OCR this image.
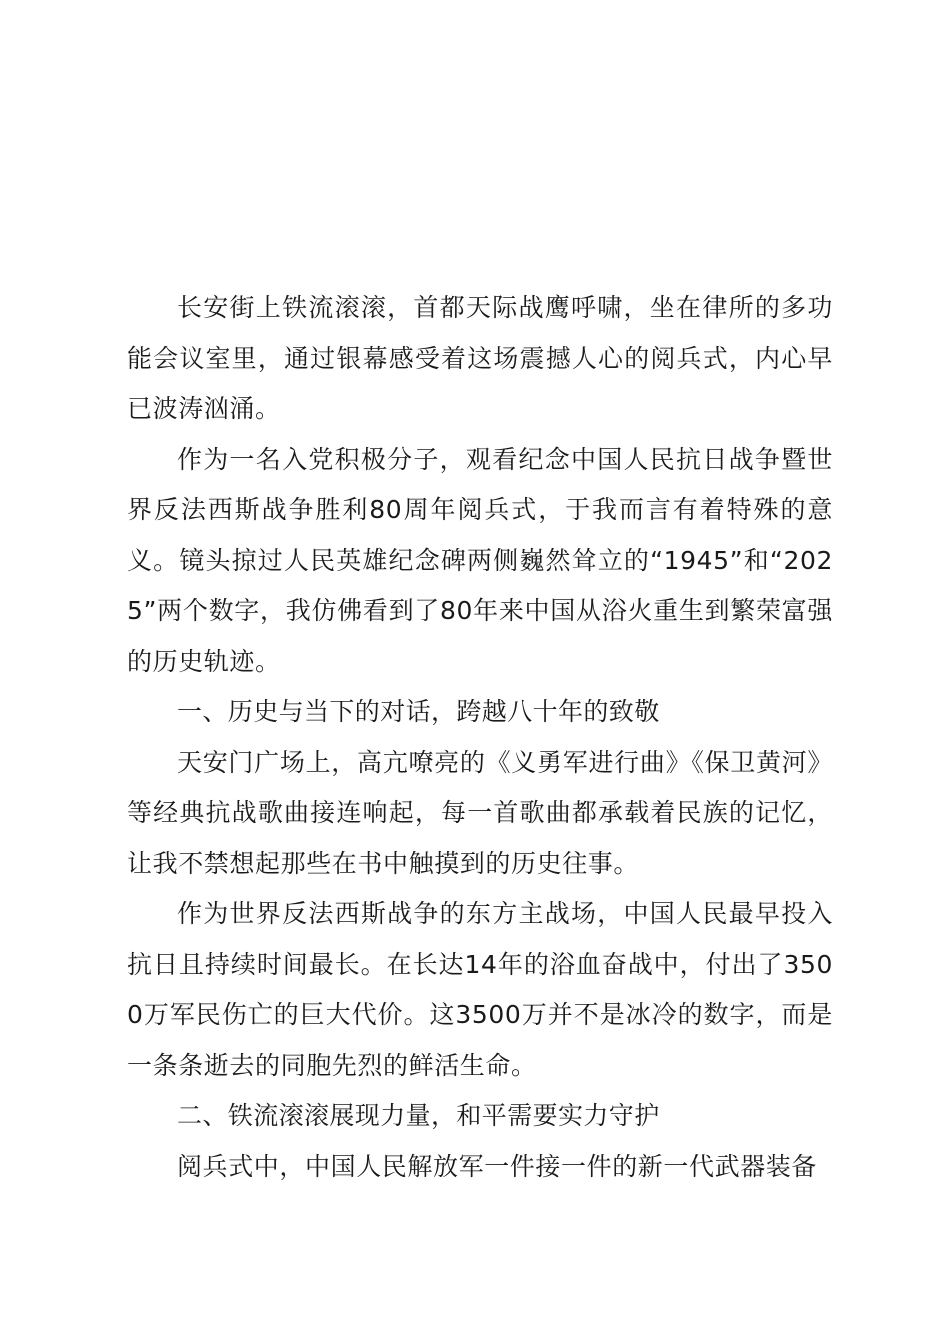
长安街上铁流滚滚，首都天际战鹰呼啸，坐在律所的多功能会议室里，通过银幕感受着这场震撼人心的阅兵式，内心早已波涛汹涌。

作为一名入党积极分子，观看纪念中国人民抗日战争暨世界反法西斯战争胜利80周年阅兵式，于我而言有着特殊的意义。镜头掠过人民英雄纪念碑两侧巍然耸立的“1945”和“2025”两个数字，我仿佛看到了80年来中国从浴火重生到繁荣富强的历史轨迹。

一、历史与当下的对话，跨越八十年的致敬

天安门广场上，高亢嘹亮的《义勇军进行曲》《保卫黄河》等经典抗战歌曲接连响起，每一首歌曲都承载着民族的记忆，让我不禁想起那些在书中触摸到的历史往事。

作为世界反法西斯战争的东方主战场，中国人民最早投入抗日且持续时间最长。在长达14年的浴血奋战中，付出了3500万军民伤亡的巨大代价。这3500万并不是冰冷的数字，而是一条条逝去的同胞先烈的鲜活生命。

二、铁流滚滚展现力量，和平需要实力守护

阅兵式中，中国人民解放军一件接一件的新一代武器装备
